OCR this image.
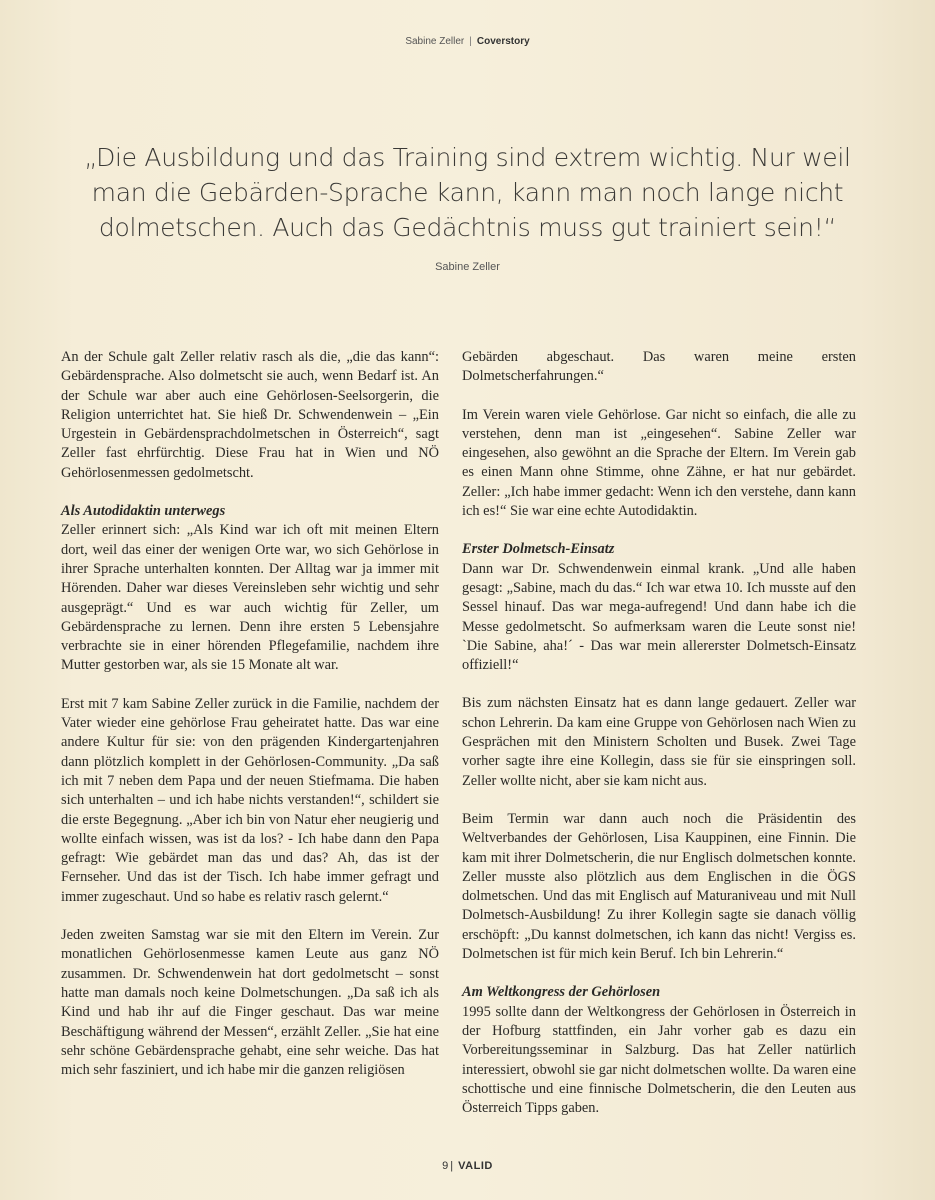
Sabine Zeller | Coverstory
„Die Ausbildung und das Training sind extrem wichtig. Nur weil man die Gebärden-Sprache kann, kann man noch lange nicht dolmetschen. Auch das Gedächtnis muss gut trainiert sein!“
Sabine Zeller

An der Schule galt Zeller relativ rasch als die, „die das kann“: Gebärdensprache. Also dolmetscht sie auch, wenn Bedarf ist. An der Schule war aber auch eine Gehörlosen-Seelsorgerin, die Religion unterrichtet hat. Sie hieß Dr. Schwendenwein – „Ein Urgestein in Gebärdensprachdolmetschen in Österreich“, sagt Zeller fast ehrfürchtig. Diese Frau hat in Wien und NÖ Gehörlosenmessen gedolmetscht.

Als Autodidaktin unterwegs

Zeller erinnert sich: „Als Kind war ich oft mit meinen Eltern dort, weil das einer der wenigen Orte war, wo sich Gehörlose in ihrer Sprache unterhalten konnten. Der Alltag war ja immer mit Hörenden. Daher war dieses Vereinsleben sehr wichtig und sehr ausgeprägt.“ Und es war auch wichtig für Zeller, um Gebärdensprache zu lernen. Denn ihre ersten 5 Lebensjahre verbrachte sie in einer hörenden Pflegefamilie, nachdem ihre Mutter gestorben war, als sie 15 Monate alt war.

Erst mit 7 kam Sabine Zeller zurück in die Familie, nachdem der Vater wieder eine gehörlose Frau geheiratet hatte. Das war eine andere Kultur für sie: von den prägenden Kindergartenjahren dann plötzlich komplett in der Gehörlosen-Community. „Da saß ich mit 7 neben dem Papa und der neuen Stiefmama. Die haben sich unterhalten – und ich habe nichts verstanden!“, schildert sie die erste Begegnung. „Aber ich bin von Natur eher neugierig und wollte einfach wissen, was ist da los? - Ich habe dann den Papa gefragt: Wie gebärdet man das und das? Ah, das ist der Fernseher. Und das ist der Tisch. Ich habe immer gefragt und immer zugeschaut. Und so habe es relativ rasch gelernt.“

Jeden zweiten Samstag war sie mit den Eltern im Verein. Zur monatlichen Gehörlosenmesse kamen Leute aus ganz NÖ zusammen. Dr. Schwendenwein hat dort gedolmetscht – sonst hatte man damals noch keine Dolmetschungen. „Da saß ich als Kind und hab ihr auf die Finger geschaut. Das war meine Beschäftigung während der Messen“, erzählt Zeller. „Sie hat eine sehr schöne Gebärdensprache gehabt, eine sehr weiche. Das hat mich sehr fasziniert, und ich habe mir die ganzen religiösen

Gebärden abgeschaut. Das waren meine ersten Dolmetscherfahrungen.“

Im Verein waren viele Gehörlose. Gar nicht so einfach, die alle zu verstehen, denn man ist „eingesehen“. Sabine Zeller war eingesehen, also gewöhnt an die Sprache der Eltern. Im Verein gab es einen Mann ohne Stimme, ohne Zähne, er hat nur gebärdet. Zeller: „Ich habe immer gedacht: Wenn ich den verstehe, dann kann ich es!“ Sie war eine echte Autodidaktin.

Erster Dolmetsch-Einsatz

Dann war Dr. Schwendenwein einmal krank. „Und alle haben gesagt: „Sabine, mach du das.“ Ich war etwa 10. Ich musste auf den Sessel hinauf. Das war mega-aufregend! Und dann habe ich die Messe gedolmetscht. So aufmerksam waren die Leute sonst nie! `Die Sabine, aha!´ - Das war mein allererster Dolmetsch-Einsatz offiziell!“

Bis zum nächsten Einsatz hat es dann lange gedauert. Zeller war schon Lehrerin. Da kam eine Gruppe von Gehörlosen nach Wien zu Gesprächen mit den Ministern Scholten und Busek. Zwei Tage vorher sagte ihre eine Kollegin, dass sie für sie einspringen soll. Zeller wollte nicht, aber sie kam nicht aus.

Beim Termin war dann auch noch die Präsidentin des Weltverbandes der Gehörlosen, Lisa Kauppinen, eine Finnin. Die kam mit ihrer Dolmetscherin, die nur Englisch dolmetschen konnte. Zeller musste also plötzlich aus dem Englischen in die ÖGS dolmetschen. Und das mit Englisch auf Maturaniveau und mit Null Dolmetsch-Ausbildung! Zu ihrer Kollegin sagte sie danach völlig erschöpft: „Du kannst dolmetschen, ich kann das nicht! Vergiss es. Dolmetschen ist für mich kein Beruf. Ich bin Lehrerin.“

Am Weltkongress der Gehörlosen

1995 sollte dann der Weltkongress der Gehörlosen in Österreich in der Hofburg stattfinden, ein Jahr vorher gab es dazu ein Vorbereitungsseminar in Salzburg. Das hat Zeller natürlich interessiert, obwohl sie gar nicht dolmetschen wollte. Da waren eine schottische und eine finnische Dolmetscherin, die den Leuten aus Österreich Tipps gaben.

9 | VALID
